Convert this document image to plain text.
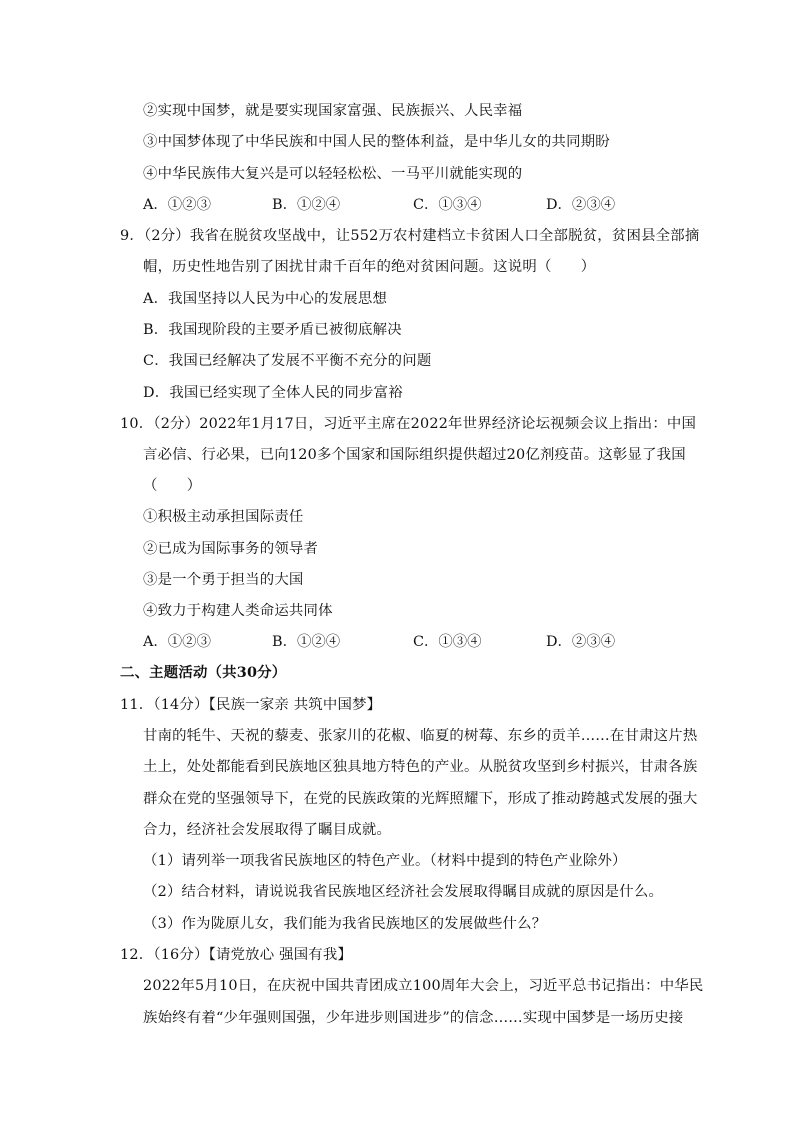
②实现中国梦，就是要实现国家富强、民族振兴、人民幸福
③中国梦体现了中华民族和中国人民的整体利益，是中华儿女的共同期盼
④中华民族伟大复兴是可以轻轻松松、一马平川就能实现的
A．①②③	B．①②④	C．①③④	D．②③④
9．（2分）我省在脱贫攻坚战中，让552万农村建档立卡贫困人口全部脱贫，贫困县全部摘
帽，历史性地告别了困扰甘肃千百年的绝对贫困问题。这说明（　　）
A．我国坚持以人民为中心的发展思想
B．我国现阶段的主要矛盾已被彻底解决
C．我国已经解决了发展不平衡不充分的问题
D．我国已经实现了全体人民的同步富裕
10．（2分）2022年1月17日，习近平主席在2022年世界经济论坛视频会议上指出：中国
言必信、行必果，已向120多个国家和国际组织提供超过20亿剂疫苗。这彰显了我国
（　　）
①积极主动承担国际责任
②已成为国际事务的领导者
③是一个勇于担当的大国
④致力于构建人类命运共同体
A．①②③	B．①②④	C．①③④	D．②③④
二、主题活动（共30分）
11．（14分）【民族一家亲 共筑中国梦】
甘南的牦牛、天祝的藜麦、张家川的花椒、临夏的树莓、东乡的贡羊……在甘肃这片热
土上，处处都能看到民族地区独具地方特色的产业。从脱贫攻坚到乡村振兴，甘肃各族
群众在党的坚强领导下，在党的民族政策的光辉照耀下，形成了推动跨越式发展的强大
合力，经济社会发展取得了瞩目成就。
（1）请列举一项我省民族地区的特色产业。（材料中提到的特色产业除外）
（2）结合材料，请说说我省民族地区经济社会发展取得瞩目成就的原因是什么。
（3）作为陇原儿女，我们能为我省民族地区的发展做些什么？
12．（16分）【请党放心 强国有我】
2022年5月10日，在庆祝中国共青团成立100周年大会上，习近平总书记指出：中华民
族始终有着“少年强则国强，少年进步则国进步”的信念……实现中国梦是一场历史接
